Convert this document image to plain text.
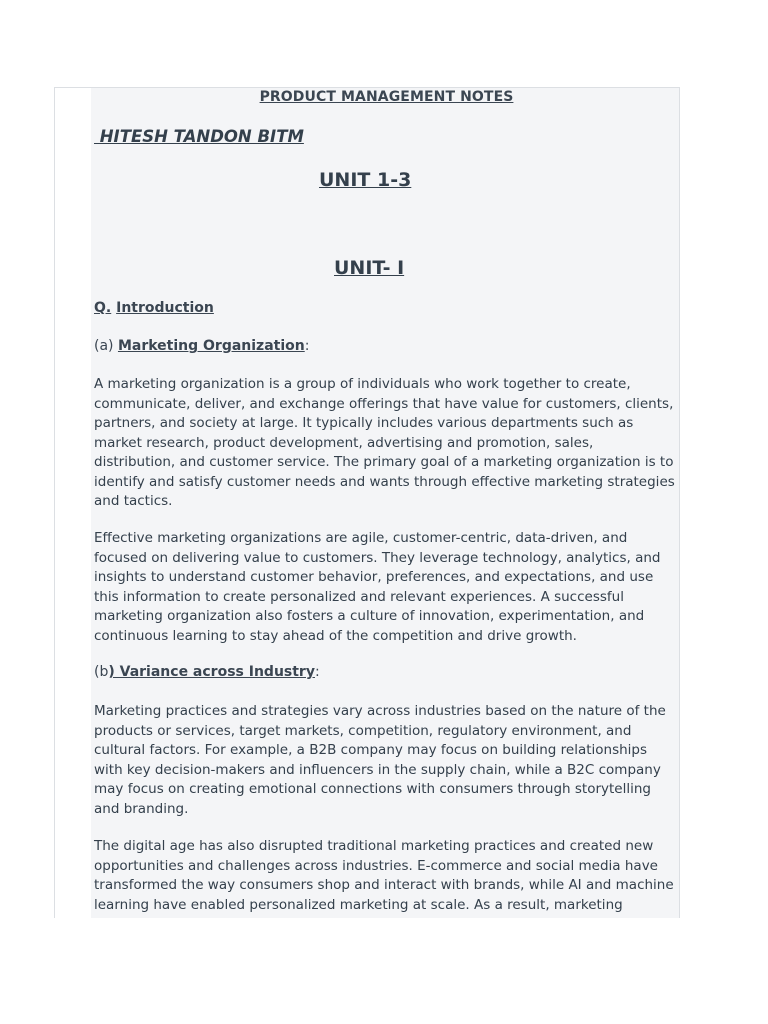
PRODUCT MANAGEMENT NOTES
HITESH TANDON BITM
UNIT 1-3
UNIT- I
Q. Introduction
(a) Marketing Organization:

A marketing organization is a group of individuals who work together to create, communicate, deliver, and exchange offerings that have value for customers, clients, partners, and society at large. It typically includes various departments such as market research, product development, advertising and promotion, sales, distribution, and customer service. The primary goal of a marketing organization is to identify and satisfy customer needs and wants through effective marketing strategies and tactics.

Effective marketing organizations are agile, customer-centric, data-driven, and focused on delivering value to customers. They leverage technology, analytics, and insights to understand customer behavior, preferences, and expectations, and use this information to create personalized and relevant experiences. A successful marketing organization also fosters a culture of innovation, experimentation, and continuous learning to stay ahead of the competition and drive growth.

(b) Variance across Industry:

Marketing practices and strategies vary across industries based on the nature of the products or services, target markets, competition, regulatory environment, and cultural factors. For example, a B2B company may focus on building relationships with key decision-makers and influencers in the supply chain, while a B2C company may focus on creating emotional connections with consumers through storytelling and branding.

The digital age has also disrupted traditional marketing practices and created new opportunities and challenges across industries. E-commerce and social media have transformed the way consumers shop and interact with brands, while AI and machine learning have enabled personalized marketing at scale. As a result, marketing
